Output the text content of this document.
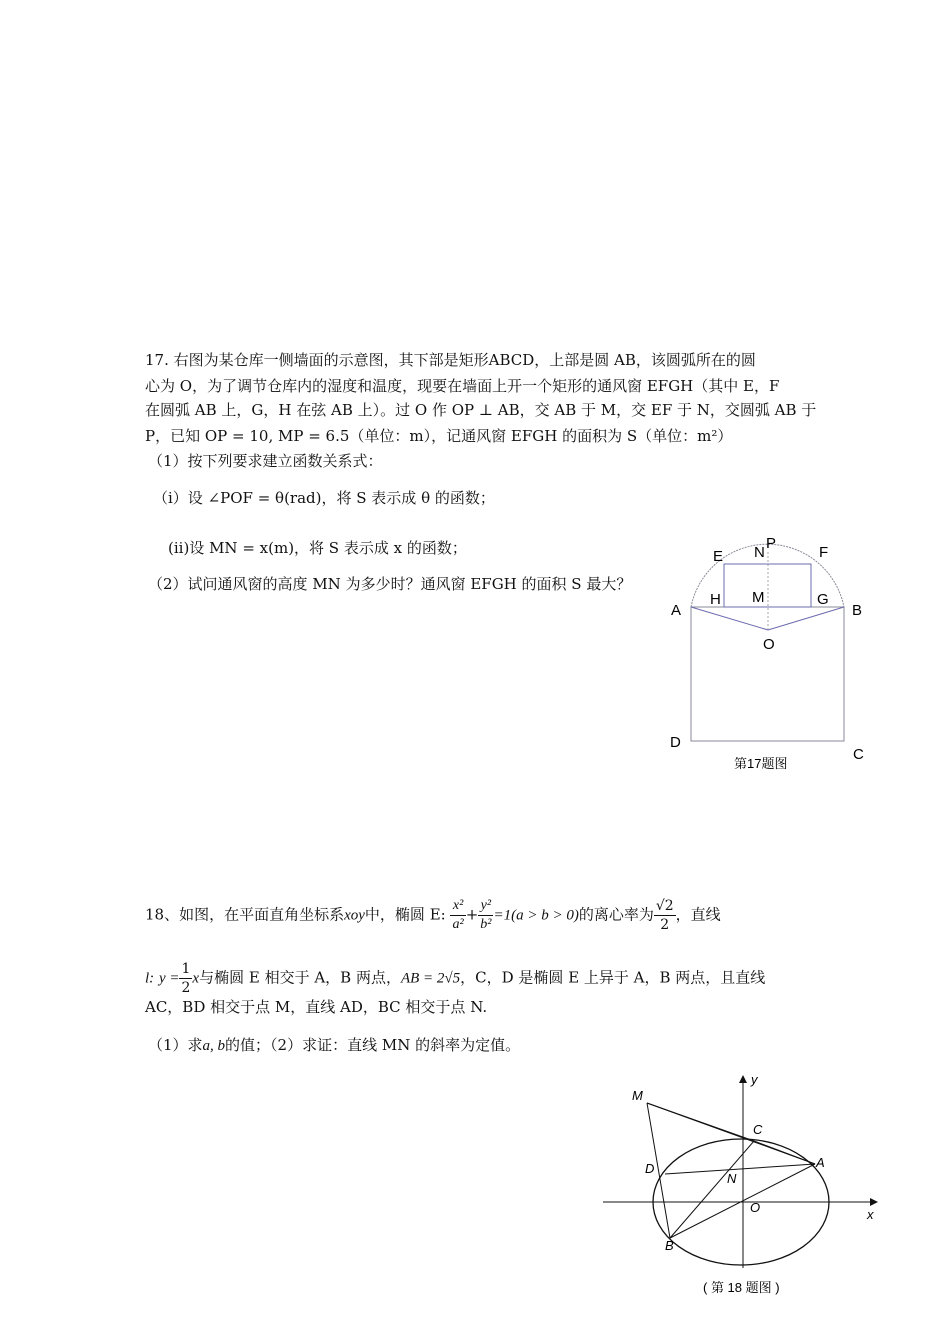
17. 右图为某仓库一侧墙面的示意图，其下部是矩形ABCD，上部是圆 AB，该圆弧所在的圆
心为 O，为了调节仓库内的湿度和温度，现要在墙面上开一个矩形的通风窗 EFGH（其中 E，F
在圆弧 AB 上，G，H 在弦 AB 上）。过 O 作 OP ⊥ AB，交 AB 于 M，交 EF 于 N，交圆弧 AB 于
P，已知 OP = 10, MP = 6.5（单位：m），记通风窗 EFGH 的面积为 S（单位：m²）
（1）按下列要求建立函数关系式：
（i）设 ∠POF = θ(rad)，将 S 表示成 θ 的函数；
(ii)设 MN = x(m)，将 S 表示成 x 的函数；
（2）试问通风窗的高度 MN 为多少时？通风窗 EFGH 的面积 S 最大？
P
E N	F
A
H M	G
B
O
D
C
第17题图
18、如图，在平面直角坐标系xoy中，椭圆 E: $\frac{\text{x²}}{\text{a²}} + \frac{\text{y²}}{\text{b²}} =1(a > b > 0)$的离心率为 $\frac{√2}{2}$ ，直线
l: $y = \frac{1}{2}$ x与椭圆 E 相交于 A，B 两点，AB = 2√5，C，D 是椭圆 E 上异于 A，B 两点，且直线
AC，BD 相交于点 M，直线 AD，BC 相交于点 N.
（1）求a, b的值；（2）求证：直线 MN 的斜率为定值。
M
C
A
D
N
O
B
x
y
( 第 18 题图 )
